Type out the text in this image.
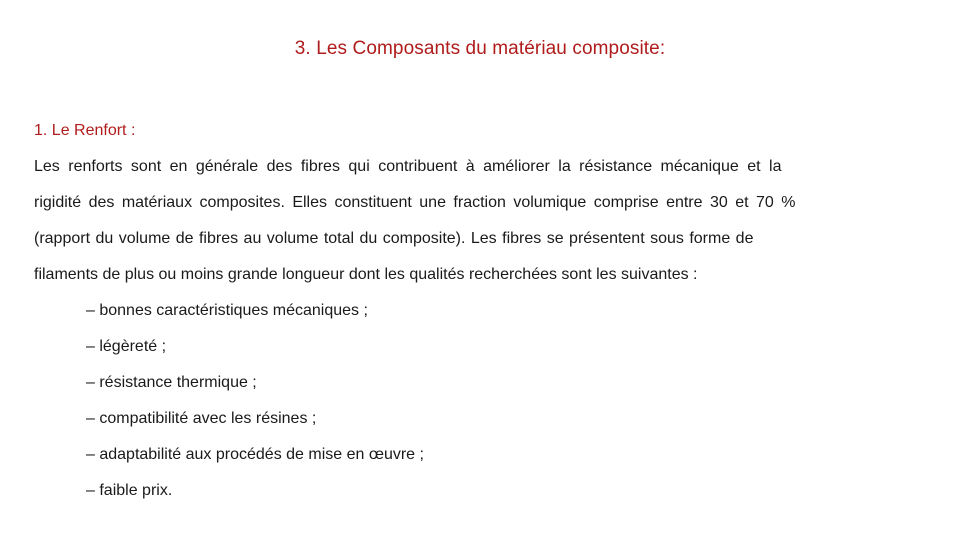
3. Les Composants du matériau composite:
1. Le Renfort :
Les renforts sont en générale des fibres qui contribuent à améliorer la résistance mécanique et la
rigidité des matériaux composites. Elles constituent une fraction volumique comprise entre 30 et 70 %
(rapport du volume de fibres au volume total du composite). Les fibres se présentent sous forme de
filaments de plus ou moins grande longueur dont les qualités recherchées sont les suivantes :
– bonnes caractéristiques mécaniques ;
– légèreté ;
– résistance thermique ;
– compatibilité avec les résines ;
– adaptabilité aux procédés de mise en œuvre ;
– faible prix.
